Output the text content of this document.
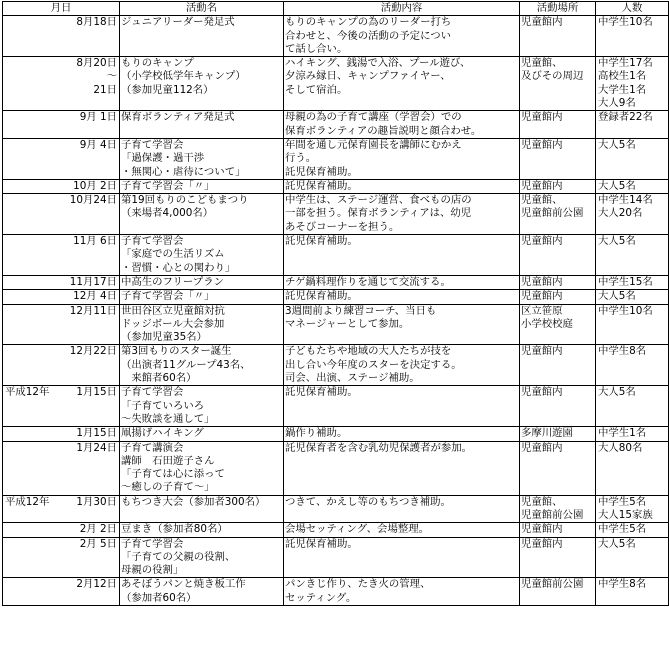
月日	活動名	活動内容	活動場所	人数
8月18日	ジュニアリーダー発足式	もりのキャンプの為のリーダー打ち
合わせと、今後の活動の予定につい
て話し合い。	児童館内	中学生10名
8月20日
～
21日	もりのキャンプ
（小学校低学年キャンプ）
（参加児童112名）	ハイキング、銭湯で入浴、プール遊び、
夕涼み縁日、キャンプファイヤー、
そして宿泊。	児童館、
及びその周辺	中学生17名
高校生1名
大学生1名
大人9名
9月 1日	保育ボランティア発足式	母親の為の子育て講座（学習会）での
保育ボランティアの趣旨説明と顔合わせ。	児童館内	登録者22名
9月 4日	子育て学習会
「過保護・過干渉
・無関心・虐待について」	年間を通し元保育園長を講師にむかえ
行う。
託児保育補助。	児童館内	大人5名
10月 2日	子育て学習会「〃」	託児保育補助。	児童館内	大人5名
10月24日	第19回もりのこどもまつり
（来場者4,000名）	中学生は、ステージ運営、食べもの店の
一部を担う。保育ボランティアは、幼児
あそびコーナーを担う。	児童館、
児童館前公園	中学生14名
大人20名
11月 6日	子育て学習会
「家庭での生活リズム
・習慣・心との関わり」	託児保育補助。	児童館内	大人5名
11月17日	中高生のフリープラン	チゲ鍋料理作りを通じて交流する。	児童館内	中学生15名
12月 4日	子育て学習会「〃」	託児保育補助。	児童館内	大人5名
12月11日	世田谷区立児童館対抗
ドッジボール大会参加
（参加児童35名）	3週間前より練習コーチ、当日も
マネージャーとして参加。	区立笹原
小学校校庭	中学生10名
12月22日	第3回もりのスター誕生
（出演者11グループ43名、
　来館者60名）	子どもたちや地域の大人たちが技を
出し合い今年度のスターを決定する。
司会、出演、ステージ補助。	児童館内	中学生8名

平成12年 1月15日	子育て学習会
「子育ていろいろ
～失敗談を通して」	託児保育補助。	児童館内	大人5名
1月15日	凧揚げハイキング	鍋作り補助。	多摩川遊園	中学生1名
1月24日	子育て講演会
講師　石田遊子さん
「子育ては心に添って
～癒しの子育て～」	託児保育者を含む乳幼児保護者が参加。	児童館内	大人80名

平成12年 1月30日	もちつき大会（参加者300名）	つきて、かえし等のもちつき補助。	児童館、
児童館前公園	中学生5名
大人15家族
2月 2日	豆まき（参加者80名）	会場セッティング、会場整理。	児童館内	中学生5名
2月 5日	子育て学習会
「子育ての父親の役割、
母親の役割」	託児保育補助。	児童館内	大人5名
2月12日	あそぼうパンと焼き板工作
（参加者60名）	パンきじ作り、たき火の管理、
セッティング。	児童館前公園	中学生8名
